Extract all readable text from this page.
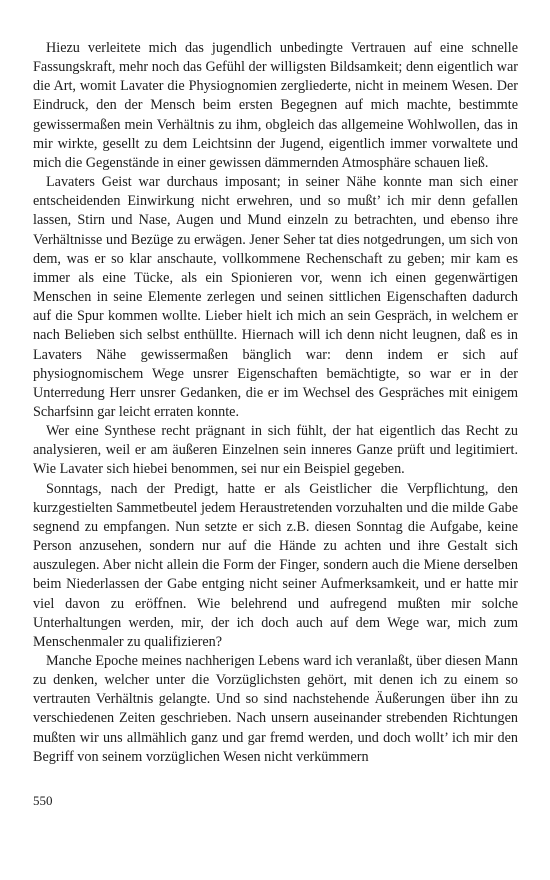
Hiezu verleitete mich das jugendlich unbedingte Vertrauen auf eine schnelle Fassungskraft, mehr noch das Gefühl der willigsten Bildsamkeit; denn eigentlich war die Art, womit Lavater die Physiognomien zergliederte, nicht in meinem Wesen. Der Eindruck, den der Mensch beim ersten Begegnen auf mich machte, bestimmte gewissermaßen mein Verhältnis zu ihm, obgleich das allgemeine Wohlwollen, das in mir wirkte, gesellt zu dem Leichtsinn der Jugend, eigentlich immer vorwaltete und mich die Gegenstände in einer gewissen dämmernden Atmosphäre schauen ließ.

Lavaters Geist war durchaus imposant; in seiner Nähe konnte man sich einer entscheidenden Einwirkung nicht erwehren, und so mußt’ ich mir denn gefallen lassen, Stirn und Nase, Augen und Mund einzeln zu betrachten, und ebenso ihre Verhältnisse und Bezüge zu erwägen. Jener Seher tat dies notgedrungen, um sich von dem, was er so klar anschaute, vollkommene Rechenschaft zu geben; mir kam es immer als eine Tücke, als ein Spionieren vor, wenn ich einen gegenwärtigen Menschen in seine Elemente zerlegen und seinen sittlichen Eigenschaften dadurch auf die Spur kommen wollte. Lieber hielt ich mich an sein Gespräch, in welchem er nach Belieben sich selbst enthüllte. Hiernach will ich denn nicht leugnen, daß es in Lavaters Nähe gewissermaßen bänglich war: denn indem er sich auf physiognomischem Wege unsrer Eigenschaften bemächtigte, so war er in der Unterredung Herr unsrer Gedanken, die er im Wechsel des Gespräches mit einigem Scharfsinn gar leicht erraten konnte.

Wer eine Synthese recht prägnant in sich fühlt, der hat eigentlich das Recht zu analysieren, weil er am äußeren Einzelnen sein inneres Ganze prüft und legitimiert. Wie Lavater sich hiebei benommen, sei nur ein Beispiel gegeben.

Sonntags, nach der Predigt, hatte er als Geistlicher die Verpflichtung, den kurzgestielten Sammetbeutel jedem Heraustretenden vorzuhalten und die milde Gabe segnend zu empfangen. Nun setzte er sich z.B. diesen Sonntag die Aufgabe, keine Person anzusehen, sondern nur auf die Hände zu achten und ihre Gestalt sich auszulegen. Aber nicht allein die Form der Finger, sondern auch die Miene derselben beim Niederlassen der Gabe entging nicht seiner Aufmerksamkeit, und er hatte mir viel davon zu eröffnen. Wie belehrend und aufregend mußten mir solche Unterhaltungen werden, mir, der ich doch auch auf dem Wege war, mich zum Menschenmaler zu qualifizieren?

Manche Epoche meines nachherigen Lebens ward ich veranlaßt, über diesen Mann zu denken, welcher unter die Vorzüglichsten gehört, mit denen ich zu einem so vertrauten Verhältnis gelangte. Und so sind nachstehende Äußerungen über ihn zu verschiedenen Zeiten geschrieben. Nach unsern auseinander strebenden Richtungen mußten wir uns allmählich ganz und gar fremd werden, und doch wollt’ ich mir den Begriff von seinem vorzüglichen Wesen nicht verkümmern

550
